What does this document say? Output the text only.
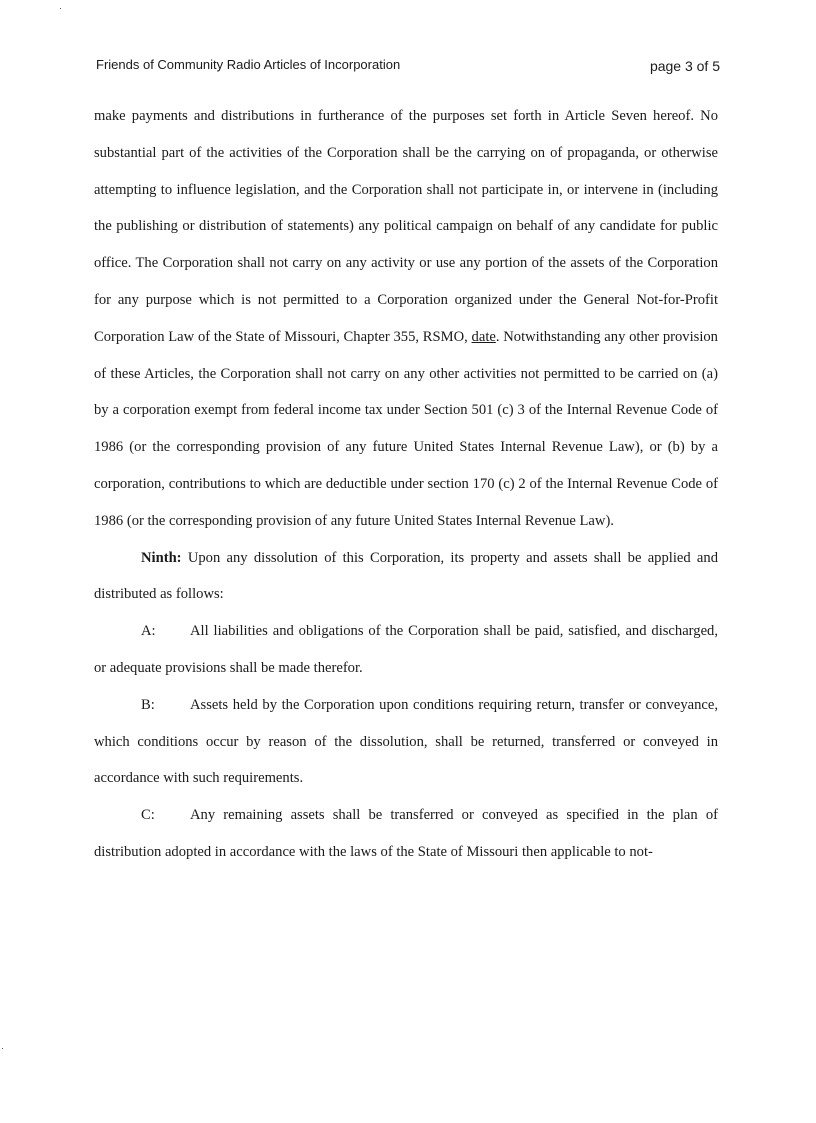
Friends of Community Radio Articles of Incorporation	page 3 of 5

make payments and distributions in furtherance of the purposes set forth in Article Seven hereof. No substantial part of the activities of the Corporation shall be the carrying on of propaganda, or otherwise attempting to influence legislation, and the Corporation shall not participate in, or intervene in (including the publishing or distribution of statements) any political campaign on behalf of any candidate for public office. The Corporation shall not carry on any activity or use any portion of the assets of the Corporation for any purpose which is not permitted to a Corporation organized under the General Not-for-Profit Corporation Law of the State of Missouri, Chapter 355, RSMO, date. Notwithstanding any other provision of these Articles, the Corporation shall not carry on any other activities not permitted to be carried on (a) by a corporation exempt from federal income tax under Section 501 (c) 3 of the Internal Revenue Code of 1986 (or the corresponding provision of any future United States Internal Revenue Law), or (b) by a corporation, contributions to which are deductible under section 170 (c) 2 of the Internal Revenue Code of 1986 (or the corresponding provision of any future United States Internal Revenue Law).

Ninth: Upon any dissolution of this Corporation, its property and assets shall be applied and distributed as follows:

A: All liabilities and obligations of the Corporation shall be paid, satisfied, and discharged, or adequate provisions shall be made therefor.

B: Assets held by the Corporation upon conditions requiring return, transfer or conveyance, which conditions occur by reason of the dissolution, shall be returned, transferred or conveyed in accordance with such requirements.

C: Any remaining assets shall be transferred or conveyed as specified in the plan of distribution adopted in accordance with the laws of the State of Missouri then applicable to not-
